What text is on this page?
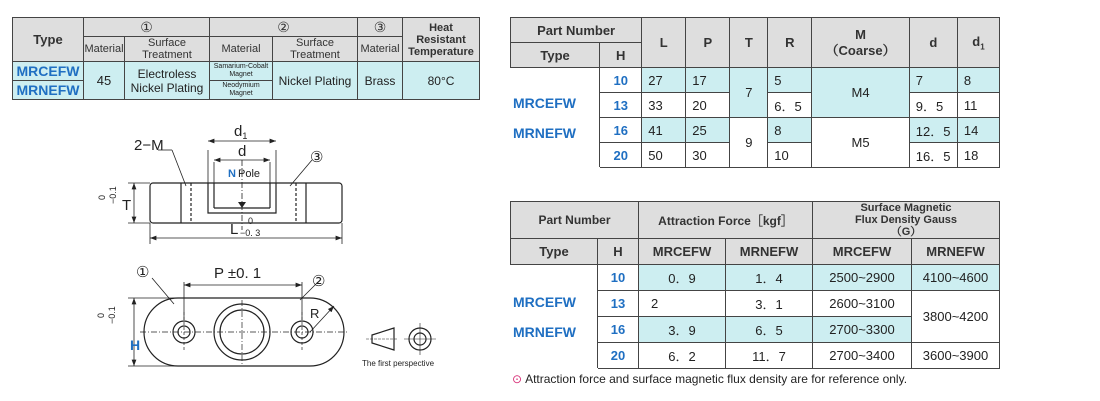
Type	①		②		③	Heat Resistant Temperature
	Material	Surface Treatment	Material	Surface Treatment	Material	
MRCEFW	45	Electroless Nickel Plating	Samarium-Cobalt Magnet	Nickel Plating	Brass	80°C
MRNEFW			Neodymium Magnet			
Part Number		L	P	T	R	M
（Coarse）	d	$d_1$
Type	H							
MRCEFW
MRNEFW	10	27	17	7	5	M4	7	8
	13	33	20		6．5		9．5	11
	16	41	25	9	8	M5	12．5	14
	20	50	30		10		16．5	18
Part Number		Attraction Force［kgf］		Surface Magnetic Flux Density Gauss（G）	
Type	H	MRCEFW	MRNEFW	MRCEFW	MRNEFW
MRCEFW
MRNEFW	10	0．9	1．4	2500~2900	4100~4600
	13	2	3．1	2600~3100	3800~4200
	16	3．9	6．5	2700~3300	
	20	6．2	11．7	2700~3400	3600~3900
⊙ Attraction force and surface magnetic flux density are for reference only.
2−M
$d_1$
d	③
N Pole
T
0 −0.1
L 0
−0. 3
①
②
P ±0. 1
R
H
0 −0.1
The first perspective
